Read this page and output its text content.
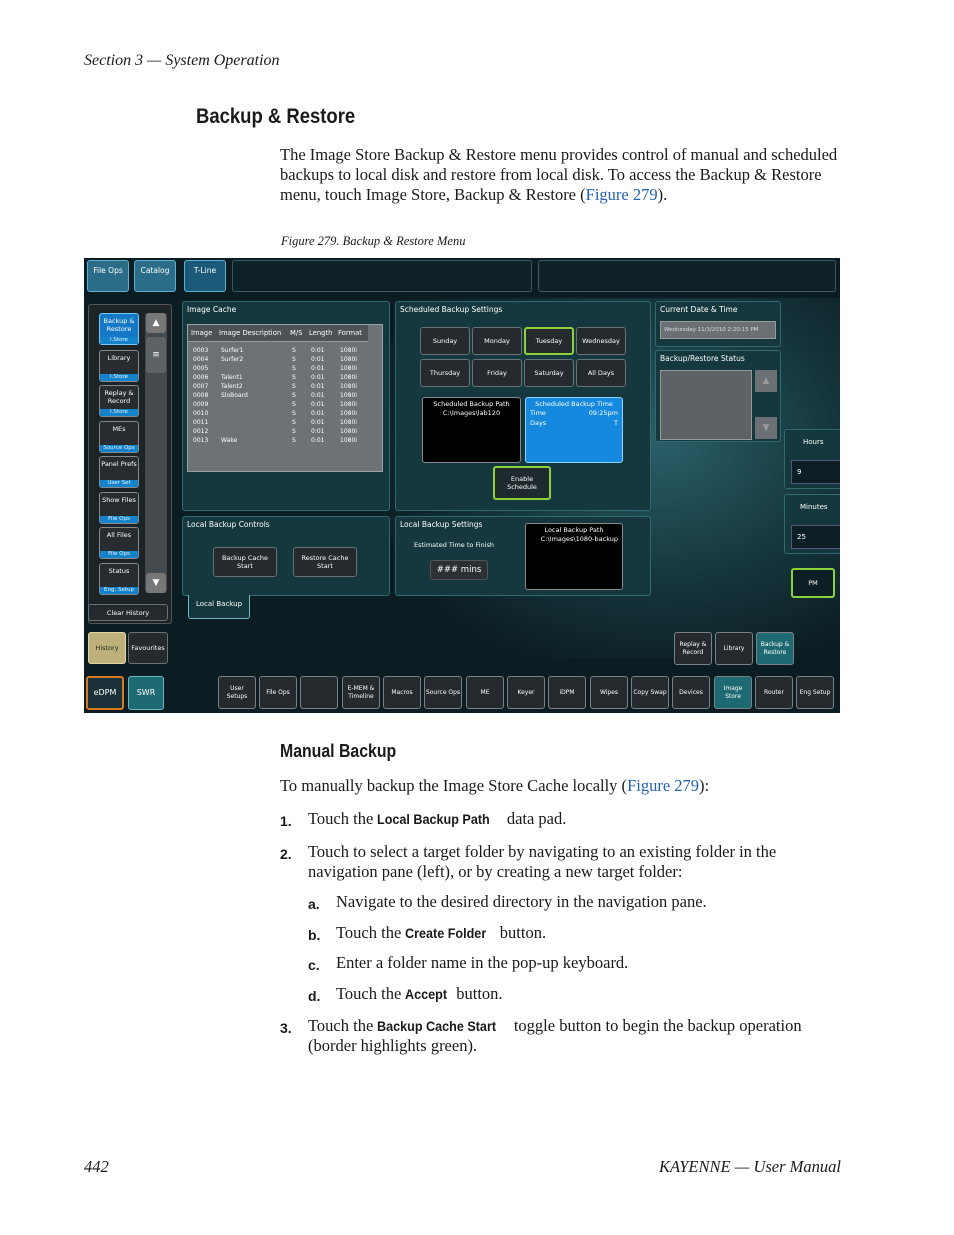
Section 3 — System Operation
Backup & Restore
The Image Store Backup & Restore menu provides control of manual and scheduled backups to local disk and restore from local disk. To access the Backup & Restore menu, touch Image Store, Backup & Restore (Figure 279).
Figure 279. Backup & Restore Menu
File Ops	Catalog	T-Line
Backup & Restore
I.Store
Library
I.Store
Replay & Record
I.Store
MEs
Source Ops
Panel Prefs
User Set
Show Files
File Ops
All Files
File Ops
Status
Eng. Setup
▲
≡
▼
Clear History
History	Favourites
eDPM	SWR
Image Cache
Image Image Description M/S Length Format
0003 Surfer1	S	0:01	1080i
0004 Surfer2	S	0:01	1080i
0005	S	0:01	1080i
0006 Talent1	S	0:01	1080i
0007 Talent2	S	0:01	1080i
0008 SloBoard	S	0:01	1080i
0009	S	0:01	1080i
0010	S	0:01	1080i
0011	S	0:01	1080i
0012	S	0:01	1080i
0013 Wake	S	0:01	1080i
Scheduled Backup Settings
Sunday	Monday	Tuesday	Wednesday
Thursday	Friday	Saturday	All Days
Scheduled Backup Path
C:\Images\lab120
Scheduled Backup Time
Time	09:25pm
Days	T
Enable Schedule
Current Date & Time
Wednesday 11/3/2010 2:20:15 PM
Backup/Restore Status
▲
▼
Hours
9
Minutes
25
PM
Local Backup Controls
Backup Cache Start
Restore Cache Start
Local Backup
Local Backup Settings
Estimated Time to Finish
### mins
Local Backup Path
C:\Images\1080-backup
Replay & Record
Library
Backup & Restore
User Setups
File Ops
E-MEM & Timeline
Macros	Source Ops	ME	Keyer	iDPM	Wipes	Copy Swap	Devices
Image Store
Router	Eng Setup
Manual Backup
To manually backup the Image Store Cache locally (Figure 279):
1. Touch the Local Backup Path data pad.
2. Touch to select a target folder by navigating to an existing folder in the navigation pane (left), or by creating a new target folder:
a. Navigate to the desired directory in the navigation pane.
b. Touch the Create Folder button.
c. Enter a folder name in the pop-up keyboard.
d. Touch the Accept button.
3. Touch the Backup Cache Start toggle button to begin the backup operation (border highlights green).
442	KAYENNE — User Manual
